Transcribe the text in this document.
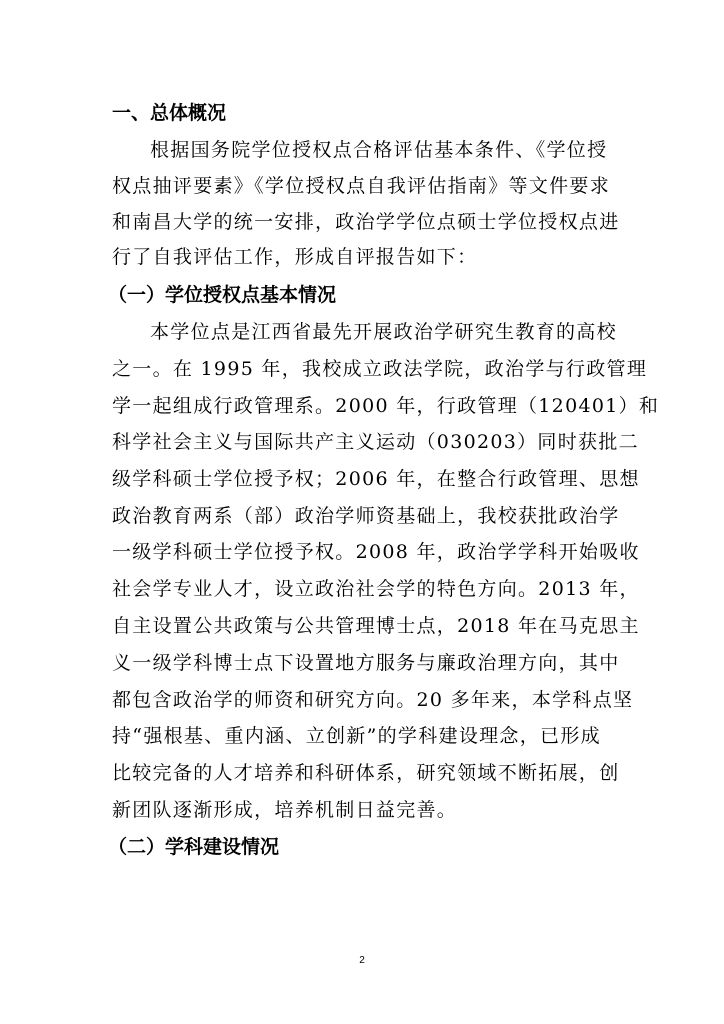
一、总体概况
根据国务院学位授权点合格评估基本条件、《学位授
权点抽评要素》《学位授权点自我评估指南》等文件要求
和南昌大学的统一安排，政治学学位点硕士学位授权点进
行了自我评估工作，形成自评报告如下：
（一）学位授权点基本情况
本学位点是江西省最先开展政治学研究生教育的高校
之一。在 1995 年，我校成立政法学院，政治学与行政管理
学一起组成行政管理系。2000 年，行政管理（120401）和
科学社会主义与国际共产主义运动（030203）同时获批二
级学科硕士学位授予权；2006 年，在整合行政管理、思想
政治教育两系（部）政治学师资基础上，我校获批政治学
一级学科硕士学位授予权。2008 年，政治学学科开始吸收
社会学专业人才，设立政治社会学的特色方向。2013 年，
自主设置公共政策与公共管理博士点，2018 年在马克思主
义一级学科博士点下设置地方服务与廉政治理方向，其中
都包含政治学的师资和研究方向。20 多年来，本学科点坚
持“强根基、重内涵、立创新”的学科建设理念，已形成
比较完备的人才培养和科研体系，研究领域不断拓展，创
新团队逐渐形成，培养机制日益完善。
（二）学科建设情况
2
